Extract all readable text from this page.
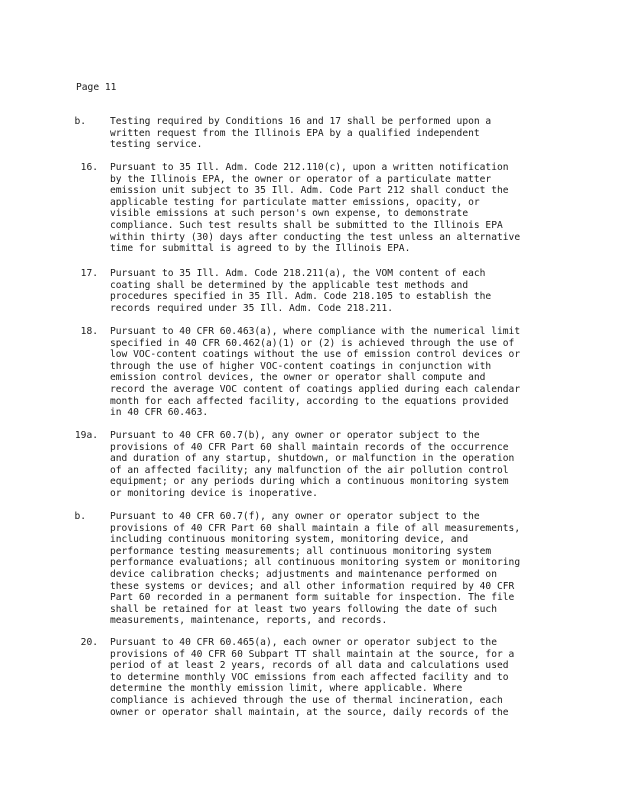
Page 11
b.	Testing required by Conditions 16 and 17 shall be performed upon a
written request from the Illinois EPA by a qualified independent
testing service.
16. Pursuant to 35 Ill. Adm. Code 212.110(c), upon a written notification
by the Illinois EPA, the owner or operator of a particulate matter
emission unit subject to 35 Ill. Adm. Code Part 212 shall conduct the
applicable testing for particulate matter emissions, opacity, or
visible emissions at such person's own expense, to demonstrate
compliance. Such test results shall be submitted to the Illinois EPA
within thirty (30) days after conducting the test unless an alternative
time for submittal is agreed to by the Illinois EPA.
17. Pursuant to 35 Ill. Adm. Code 218.211(a), the VOM content of each
coating shall be determined by the applicable test methods and
procedures specified in 35 Ill. Adm. Code 218.105 to establish the
records required under 35 Ill. Adm. Code 218.211.
18. Pursuant to 40 CFR 60.463(a), where compliance with the numerical limit
specified in 40 CFR 60.462(a)(1) or (2) is achieved through the use of
low VOC-content coatings without the use of emission control devices or
through the use of higher VOC-content coatings in conjunction with
emission control devices, the owner or operator shall compute and
record the average VOC content of coatings applied during each calendar
month for each affected facility, according to the equations provided
in 40 CFR 60.463.
19a. Pursuant to 40 CFR 60.7(b), any owner or operator subject to the
provisions of 40 CFR Part 60 shall maintain records of the occurrence
and duration of any startup, shutdown, or malfunction in the operation
of an affected facility; any malfunction of the air pollution control
equipment; or any periods during which a continuous monitoring system
or monitoring device is inoperative.
b.	Pursuant to 40 CFR 60.7(f), any owner or operator subject to the
provisions of 40 CFR Part 60 shall maintain a file of all measurements,
including continuous monitoring system, monitoring device, and
performance testing measurements; all continuous monitoring system
performance evaluations; all continuous monitoring system or monitoring
device calibration checks; adjustments and maintenance performed on
these systems or devices; and all other information required by 40 CFR
Part 60 recorded in a permanent form suitable for inspection. The file
shall be retained for at least two years following the date of such
measurements, maintenance, reports, and records.
20. Pursuant to 40 CFR 60.465(a), each owner or operator subject to the
provisions of 40 CFR 60 Subpart TT shall maintain at the source, for a
period of at least 2 years, records of all data and calculations used
to determine monthly VOC emissions from each affected facility and to
determine the monthly emission limit, where applicable. Where
compliance is achieved through the use of thermal incineration, each
owner or operator shall maintain, at the source, daily records of the
